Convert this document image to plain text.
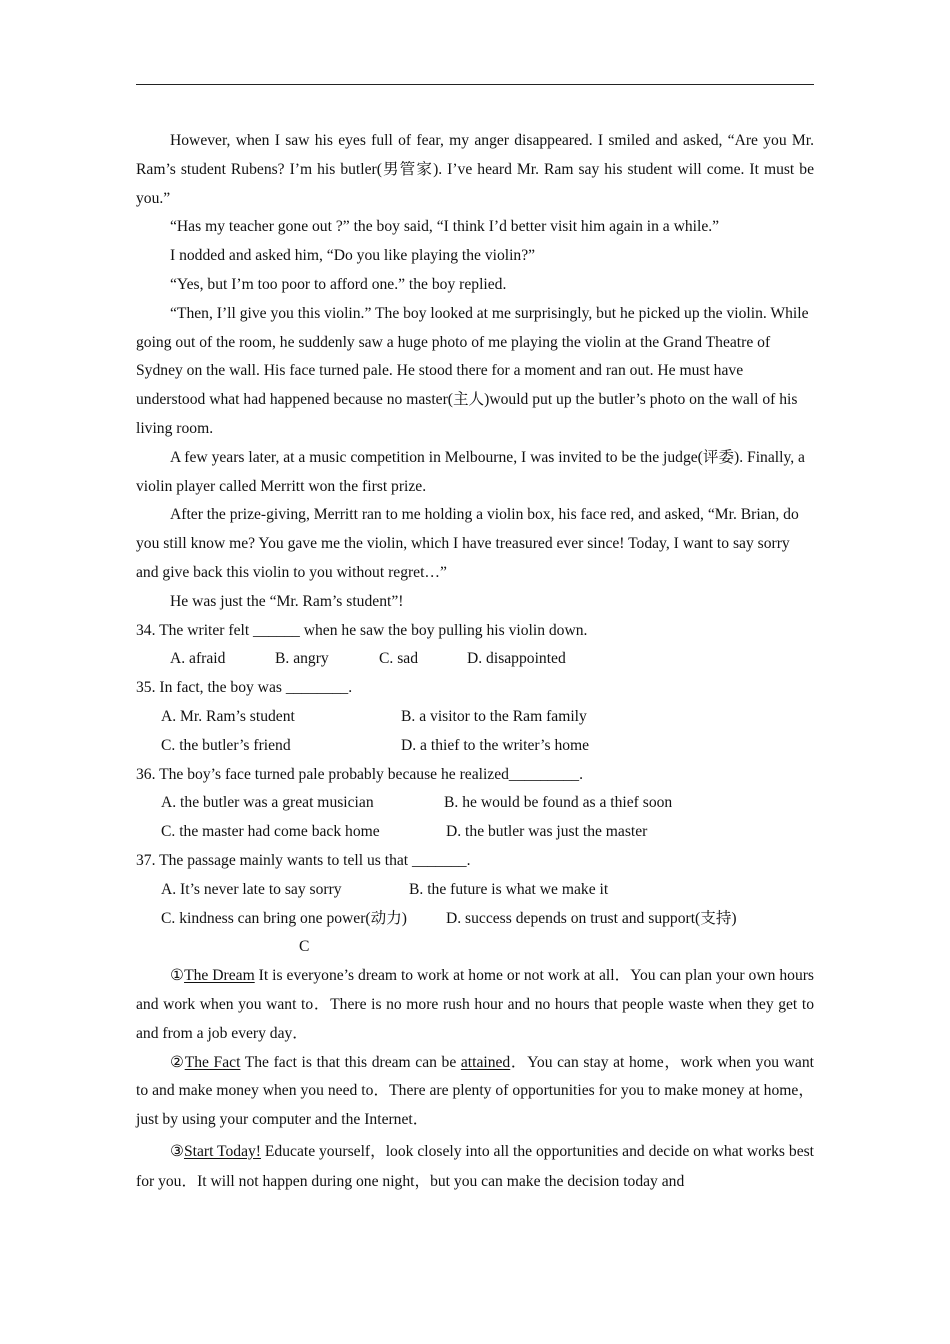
However, when I saw his eyes full of fear, my anger disappeared. I smiled and asked, “Are you Mr. Ram’s student Rubens? I’m his butler(男管家). I’ve heard Mr. Ram say his student will come. It must be you.”

“Has my teacher gone out ?” the boy said, “I think I’d better visit him again in a while.”

I nodded and asked him, “Do you like playing the violin?”

“Yes, but I’m too poor to afford one.” the boy replied.

“Then, I’ll give you this violin.” The boy looked at me surprisingly, but he picked up the violin. While going out of the room, he suddenly saw a huge photo of me playing the violin at the Grand Theatre of Sydney on the wall. His face turned pale. He stood there for a moment and ran out. He must have understood what had happened because no master(主人)would put up the butler’s photo on the wall of his living room.

A few years later, at a music competition in Melbourne, I was invited to be the judge(评委). Finally, a violin player called Merritt won the first prize.

After the prize-giving, Merritt ran to me holding a violin box, his face red, and asked, “Mr. Brian, do you still know me? You gave me the violin, which I have treasured ever since! Today, I want to say sorry and give back this violin to you without regret…”

He was just the “Mr. Ram’s student”!

34. The writer felt ______ when he saw the boy pulling his violin down.

A. afraid	B. angry	C. sad	D. disappointed

35. In fact, the boy was ________.

A. Mr. Ram’s student	B. a visitor to the Ram family
C. the butler’s friend	D. a thief to the writer’s home

36. The boy’s face turned pale probably because he realized_________.

A. the butler was a great musician	B. he would be found as a thief soon
C. the master had come back home	D. the butler was just the master

37. The passage mainly wants to tell us that _______.

A. It’s never late to say sorry	B. the future is what we make it
C. kindness can bring one power(动力)	D. success depends on trust and support(支持)

C

①The Dream It is everyone’s dream to work at home or not work at all．You can plan your own hours and work when you want to．There is no more rush hour and no hours that people waste when they get to and from a job every day．

②The Fact The fact is that this dream can be attained．You can stay at home，work when you want to and make money when you need to．There are plenty of opportunities for you to make money at home，just by using your computer and the Internet．

③Start Today! Educate yourself，look closely into all the opportunities and decide on what works best for you．It will not happen during one night，but you can make the decision today and
